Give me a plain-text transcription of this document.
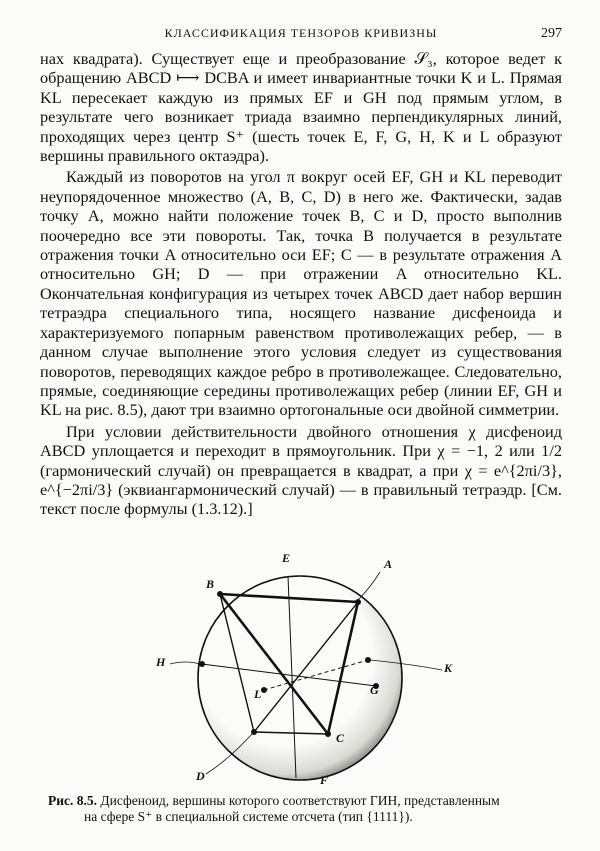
КЛАССИФИКАЦИЯ ТЕНЗОРОВ КРИВИЗНЫ	297

нах квадрата). Существует еще и преобразование 𝒮₃, которое ведет к обращению ABCD ⟼ DCBA и имеет инвариантные точки K и L. Прямая KL пересекает каждую из прямых EF и GH под прямым углом, в результате чего возникает триада взаимно перпендикулярных линий, проходящих через центр S⁺ (шесть точек E, F, G, H, K и L образуют вершины правильного октаэдра).

Каждый из поворотов на угол π вокруг осей EF, GH и KL переводит неупорядоченное множество (A, B, C, D) в него же. Фактически, задав точку A, можно найти положение точек B, C и D, просто выполнив поочередно все эти повороты. Так, точка B получается в результате отражения точки A относительно оси EF; C — в результате отражения A относительно GH; D — при отражении A относительно KL. Окончательная конфигурация из четырех точек ABCD дает набор вершин тетраэдра специального типа, носящего название дисфеноида и характеризуемого попарным равенством противолежащих ребер, — в данном случае выполнение этого условия следует из существования поворотов, переводящих каждое ребро в противолежащее. Следовательно, прямые, соединяющие середины противолежащих ребер (линии EF, GH и KL на рис. 8.5), дают три взаимно ортогональные оси двойной симметрии.

При условии действительности двойного отношения χ дисфеноид ABCD уплощается и переходит в прямоугольник. При χ = −1, 2 или 1/2 (гармонический случай) он превращается в квадрат, а при χ = e^{2πi/3}, e^{−2πi/3} (эквиангармонический случай) — в правильный тетраэдр. [См. текст после формулы (1.3.12).]

B
A
E
H	K
G
L
C
D	F
Рис. 8.5. Дисфеноид, вершины которого соответствуют ГИН, представленным
на сфере S⁺ в специальной системе отсчета (тип {1111}).
